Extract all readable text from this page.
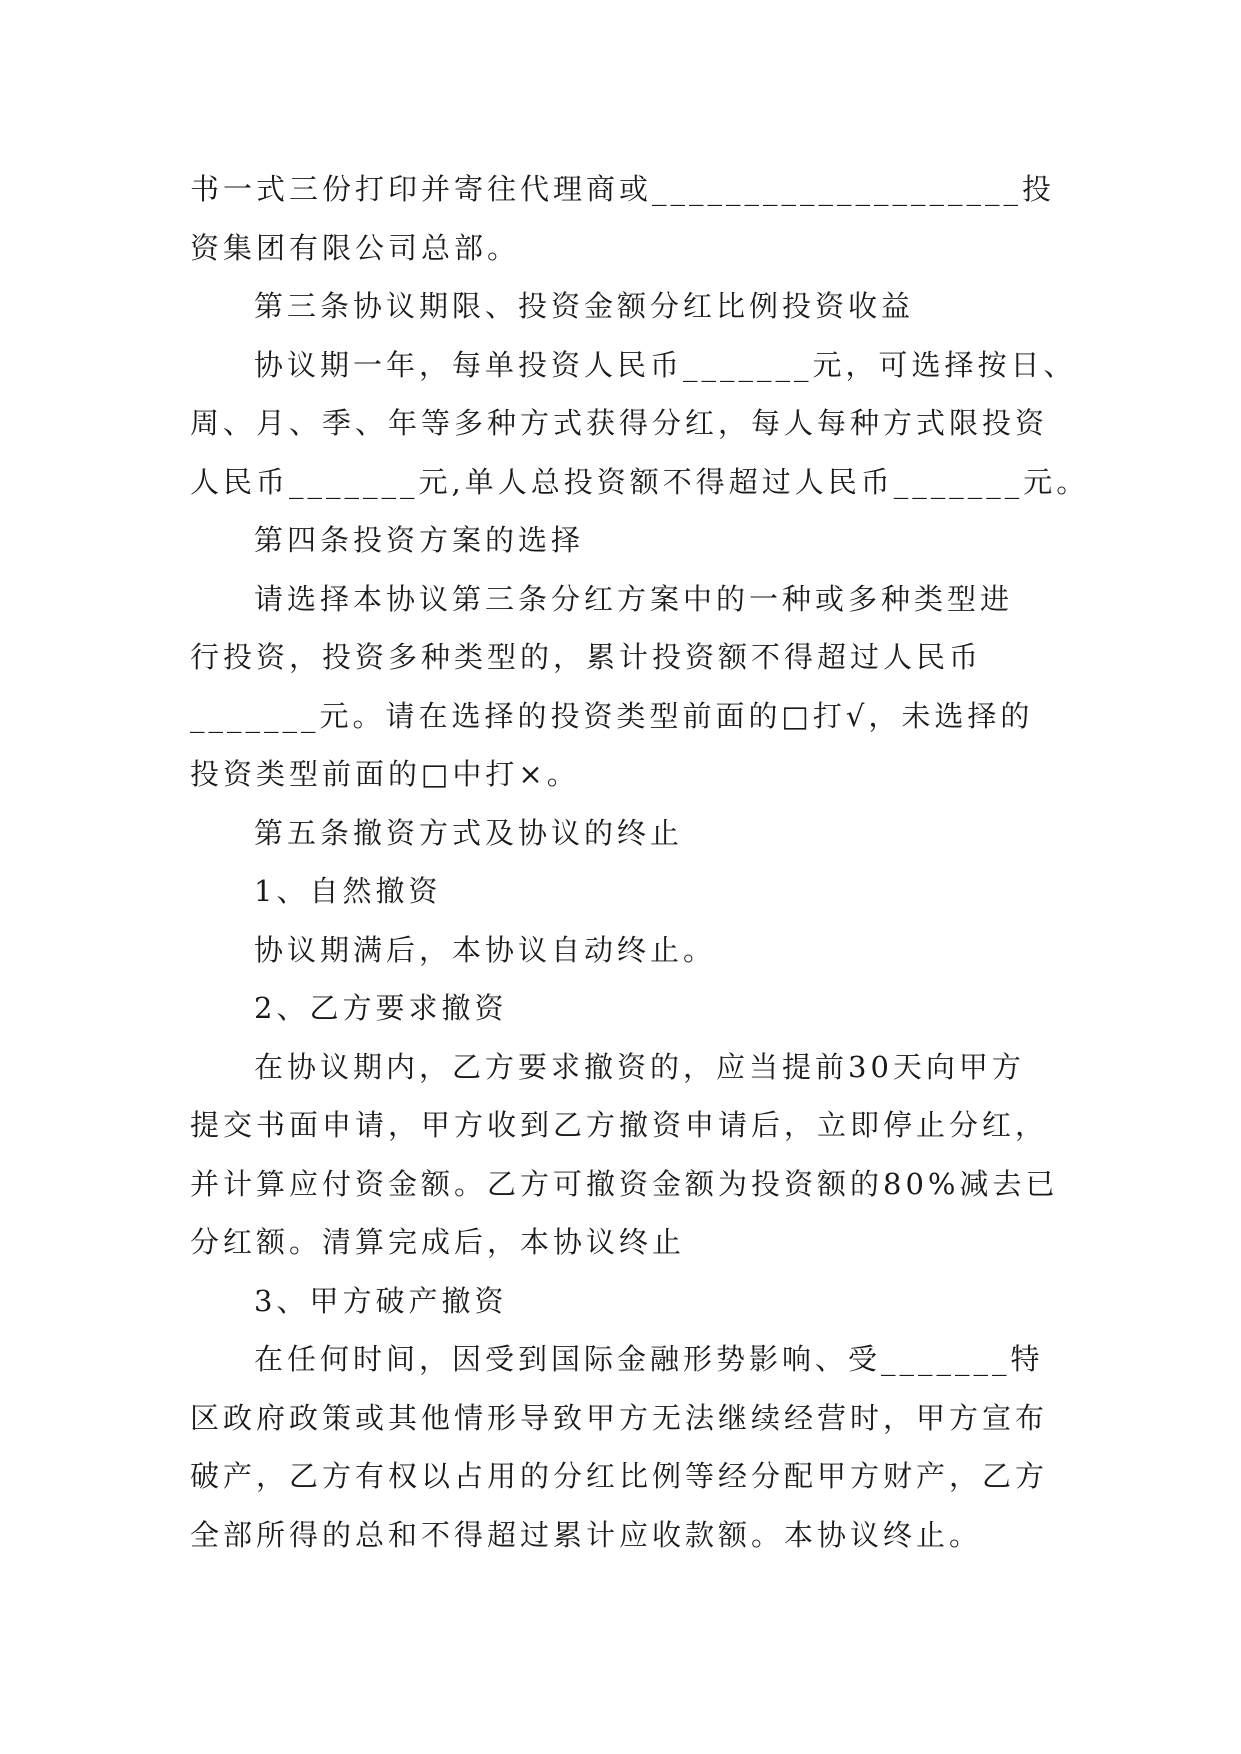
书一式三份打印并寄往代理商或____________________投
资集团有限公司总部。
第三条协议期限、投资金额分红比例投资收益
协议期一年，每单投资人民币_______元，可选择按日、
周、月、季、年等多种方式获得分红，每人每种方式限投资
人民币_______元,单人总投资额不得超过人民币_______元。
第四条投资方案的选择
请选择本协议第三条分红方案中的一种或多种类型进
行投资，投资多种类型的，累计投资额不得超过人民币
_______元。请在选择的投资类型前面的□打√，未选择的
投资类型前面的□中打×。
第五条撤资方式及协议的终止
1、自然撤资
协议期满后，本协议自动终止。
2、乙方要求撤资
在协议期内，乙方要求撤资的，应当提前30天向甲方
提交书面申请，甲方收到乙方撤资申请后，立即停止分红，
并计算应付资金额。乙方可撤资金额为投资额的80%减去已
分红额。清算完成后，本协议终止
3、甲方破产撤资
在任何时间，因受到国际金融形势影响、受_______特
区政府政策或其他情形导致甲方无法继续经营时，甲方宣布
破产，乙方有权以占用的分红比例等经分配甲方财产，乙方
全部所得的总和不得超过累计应收款额。本协议终止。
